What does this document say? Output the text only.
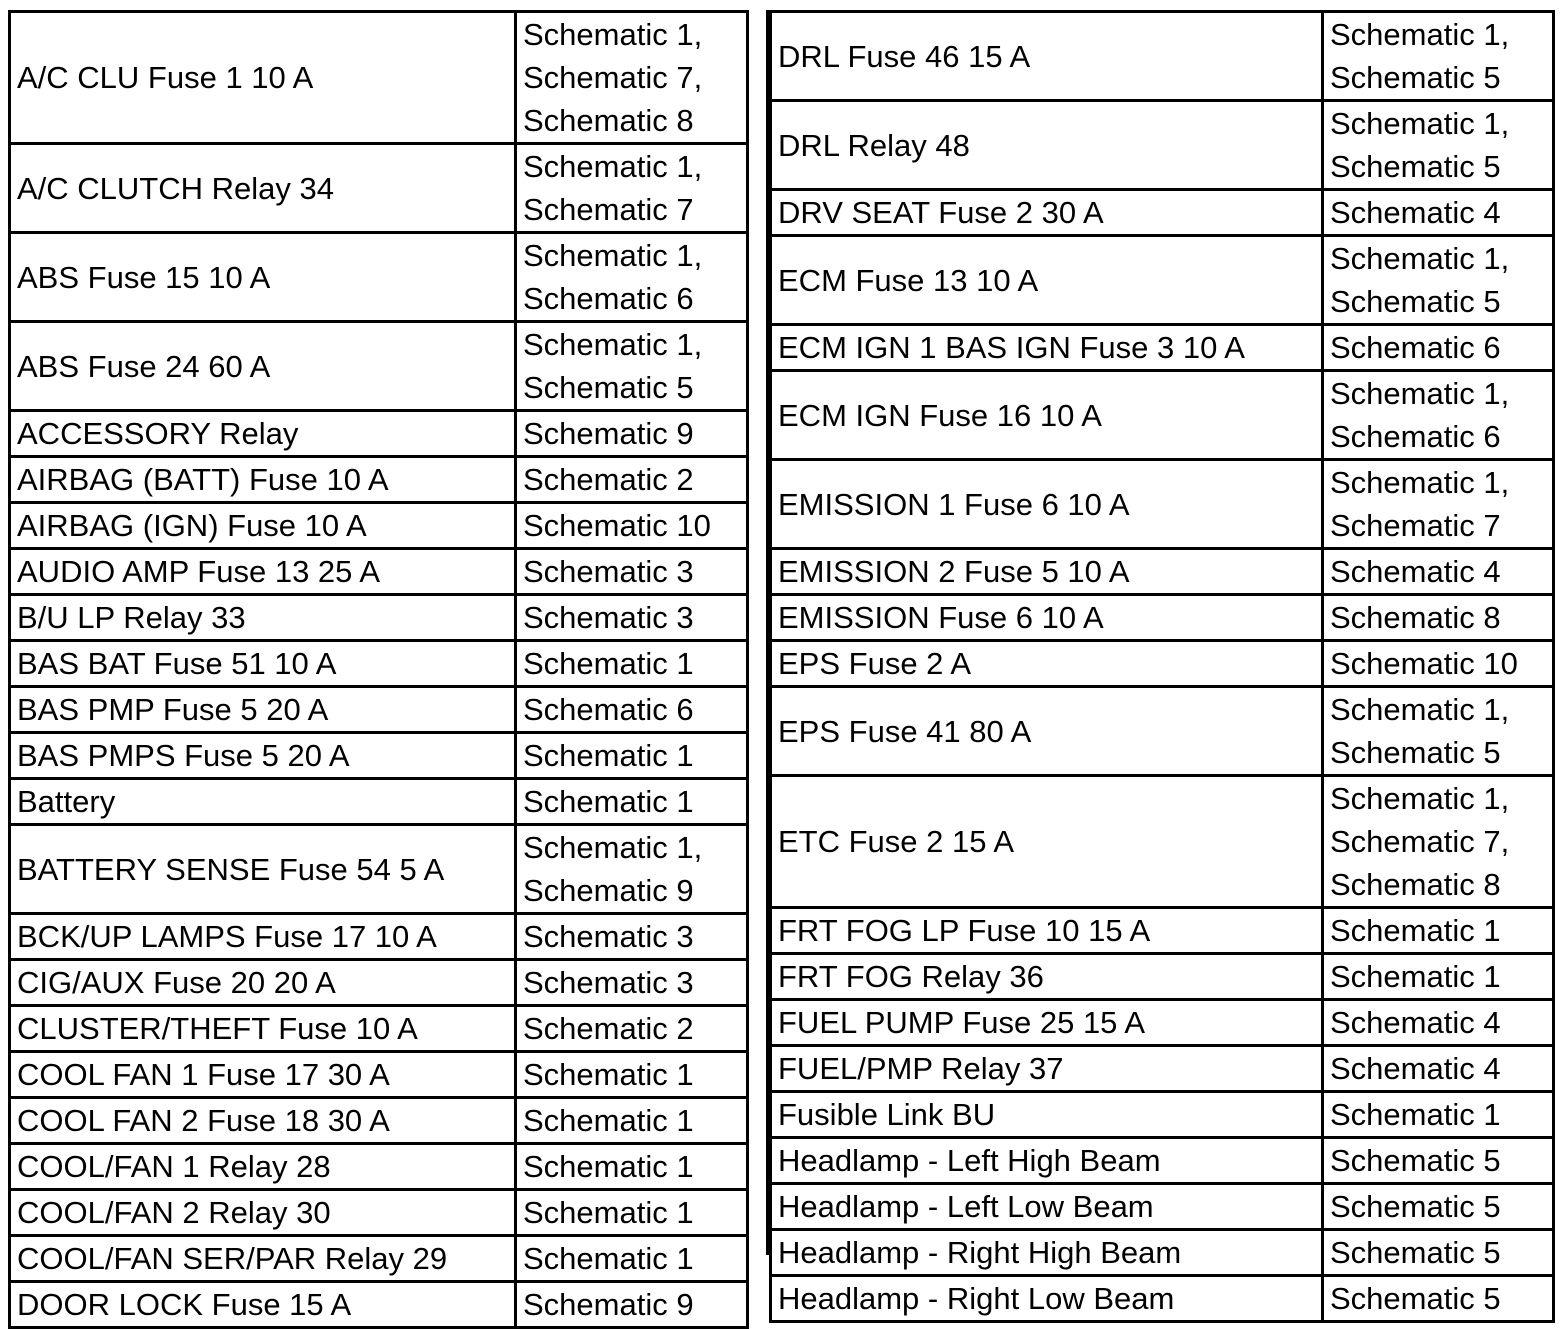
A/C CLU Fuse 1 10 A	Schematic 1,
Schematic 7,
Schematic 8

A/C CLUTCH Relay 34	Schematic 1,
Schematic 7

ABS Fuse 15 10 A	Schematic 1,
Schematic 6

ABS Fuse 24 60 A	Schematic 1,
Schematic 5

ACCESSORY Relay	Schematic 9

AIRBAG (BATT) Fuse 10 A	Schematic 2

AIRBAG (IGN) Fuse 10 A	Schematic 10

AUDIO AMP Fuse 13 25 A	Schematic 3

B/U LP Relay 33	Schematic 3

BAS BAT Fuse 51 10 A	Schematic 1

BAS PMP Fuse 5 20 A	Schematic 6

BAS PMPS Fuse 5 20 A	Schematic 1

Battery	Schematic 1

BATTERY SENSE Fuse 54 5 A	Schematic 1,
Schematic 9

BCK/UP LAMPS Fuse 17 10 A	Schematic 3

CIG/AUX Fuse 20 20 A	Schematic 3

CLUSTER/THEFT Fuse 10 A	Schematic 2

COOL FAN 1 Fuse 17 30 A	Schematic 1

COOL FAN 2 Fuse 18 30 A	Schematic 1

COOL/FAN 1 Relay 28	Schematic 1

COOL/FAN 2 Relay 30	Schematic 1

COOL/FAN SER/PAR Relay 29	Schematic 1

DOOR LOCK Fuse 15 A	Schematic 9
DRL Fuse 46 15 A	Schematic 1,
Schematic 5

DRL Relay 48	Schematic 1,
Schematic 5

DRV SEAT Fuse 2 30 A	Schematic 4

ECM Fuse 13 10 A	Schematic 1,
Schematic 5

ECM IGN 1 BAS IGN Fuse 3 10 A	Schematic 6

ECM IGN Fuse 16 10 A	Schematic 1,
Schematic 6

EMISSION 1 Fuse 6 10 A	Schematic 1,
Schematic 7

EMISSION 2 Fuse 5 10 A	Schematic 4

EMISSION Fuse 6 10 A	Schematic 8

EPS Fuse 2 A	Schematic 10

EPS Fuse 41 80 A	Schematic 1,
Schematic 5

ETC Fuse 2 15 A	Schematic 1,
Schematic 7,
Schematic 8

FRT FOG LP Fuse 10 15 A	Schematic 1

FRT FOG Relay 36	Schematic 1

FUEL PUMP Fuse 25 15 A	Schematic 4

FUEL/PMP Relay 37	Schematic 4

Fusible Link BU	Schematic 1

Headlamp - Left High Beam	Schematic 5

Headlamp - Left Low Beam	Schematic 5

Headlamp - Right High Beam	Schematic 5

Headlamp - Right Low Beam	Schematic 5
